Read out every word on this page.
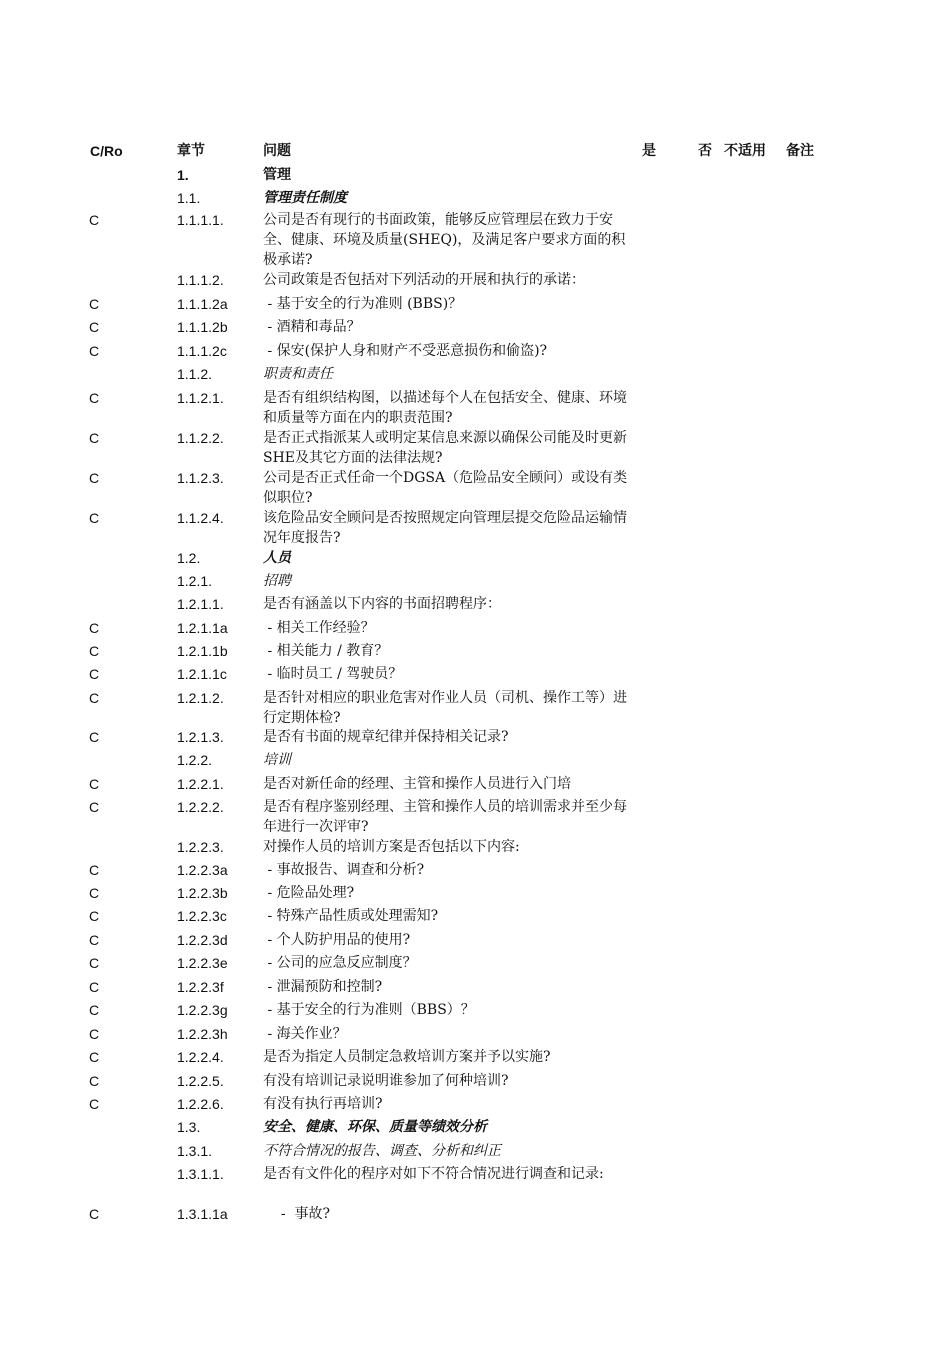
C/Ro	章节	问题	是	否 不适用 备注
1.	管理
1.1.	管理责任制度
C	1.1.1.1.	公司是否有现行的书面政策，能够反应管理层在致力于安全、健康、环境及质量(SHEQ)，及满足客户要求方面的积极承诺?
1.1.1.2.	公司政策是否包括对下列活动的开展和执行的承诺：
C	1.1.1.2a	- 基于安全的行为准则 (BBS)？
C	1.1.1.2b	- 酒精和毒品？
C	1.1.1.2c	- 保安(保护人身和财产不受恶意损伤和偷盗)?
1.1.2.	职责和责任
C	1.1.2.1.	是否有组织结构图，以描述每个人在包括安全、健康、环境和质量等方面在内的职责范围?
C	1.1.2.2.	是否正式指派某人或明定某信息来源以确保公司能及时更新SHE及其它方面的法律法规?
C	1.1.2.3.	公司是否正式任命一个DGSA（危险品安全顾问）或设有类似职位?
C	1.1.2.4.	该危险品安全顾问是否按照规定向管理层提交危险品运输情况年度报告?
1.2.	人员
1.2.1.	招聘
1.2.1.1.	是否有涵盖以下内容的书面招聘程序：
C	1.2.1.1a	- 相关工作经验？
C	1.2.1.1b	- 相关能力 / 教育？
C	1.2.1.1c	- 临时员工 / 驾驶员？
C	1.2.1.2.	是否针对相应的职业危害对作业人员（司机、操作工等）进行定期体检?
C	1.2.1.3.	是否有书面的规章纪律并保持相关记录?
1.2.2.	培训
C	1.2.2.1.	是否对新任命的经理、主管和操作人员进行入门培
C	1.2.2.2.	是否有程序鉴别经理、主管和操作人员的培训需求并至少每年进行一次评审?
1.2.2.3.	对操作人员的培训方案是否包括以下内容:
C	1.2.2.3a	- 事故报告、调查和分析?
C	1.2.2.3b	- 危险品处理?
C	1.2.2.3c	- 特殊产品性质或处理需知?
C	1.2.2.3d	- 个人防护用品的使用?
C	1.2.2.3e	- 公司的应急反应制度？
C	1.2.2.3f	- 泄漏预防和控制?
C	1.2.2.3g	- 基于安全的行为准则（BBS）？
C	1.2.2.3h	- 海关作业？
C	1.2.2.4.	是否为指定人员制定急救培训方案并予以实施?
C	1.2.2.5.	有没有培训记录说明谁参加了何种培训?
C	1.2.2.6.	有没有执行再培训?
1.3.	安全、健康、环保、质量等绩效分析
1.3.1.	不符合情况的报告、调查、分析和纠正
1.3.1.1.	是否有文件化的程序对如下不符合情况进行调查和记录:
C	1.3.1.1a	-  事故?
